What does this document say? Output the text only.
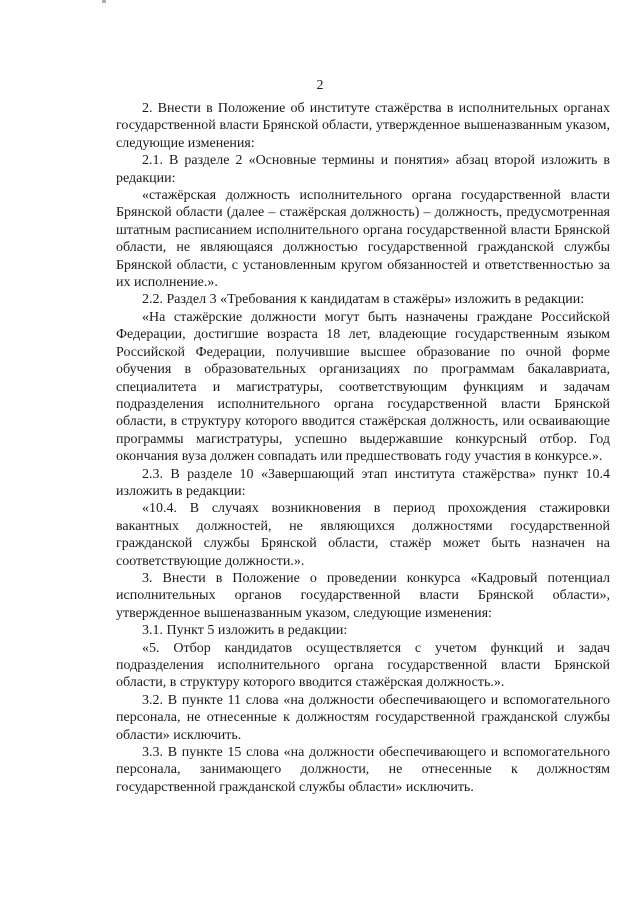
2

2. Внести в Положение об институте стажёрства в исполнительных органах государственной власти Брянской области, утвержденное вышеназванным указом, следующие изменения:

2.1. В разделе 2 «Основные термины и понятия» абзац второй изложить в редакции:

«стажёрская должность исполнительного органа государственной власти Брянской области (далее – стажёрская должность) – должность, предусмотренная штатным расписанием исполнительного органа государственной власти Брянской области, не являющаяся должностью государственной гражданской службы Брянской области, с установленным кругом обязанностей и ответственностью за их исполнение.».

2.2. Раздел 3 «Требования к кандидатам в стажёры» изложить в редакции:

«На стажёрские должности могут быть назначены граждане Российской Федерации, достигшие возраста 18 лет, владеющие государственным языком Российской Федерации, получившие высшее образование по очной форме обучения в образовательных организациях по программам бакалавриата, специалитета и магистратуры, соответствующим функциям и задачам подразделения исполнительного органа государственной власти Брянской области, в структуру которого вводится стажёрская должность, или осваивающие программы магистратуры, успешно выдержавшие конкурсный отбор. Год окончания вуза должен совпадать или предшествовать году участия в конкурсе.».

2.3. В разделе 10 «Завершающий этап института стажёрства» пункт 10.4 изложить в редакции:

«10.4. В случаях возникновения в период прохождения стажировки вакантных должностей, не являющихся должностями государственной гражданской службы Брянской области, стажёр может быть назначен на соответствующие должности.».

3. Внести в Положение о проведении конкурса «Кадровый потенциал исполнительных органов государственной власти Брянской области», утвержденное вышеназванным указом, следующие изменения:

3.1. Пункт 5 изложить в редакции:

«5. Отбор кандидатов осуществляется с учетом функций и задач подразделения исполнительного органа государственной власти Брянской области, в структуру которого вводится стажёрская должность.».

3.2. В пункте 11 слова «на должности обеспечивающего и вспомогательного персонала, не отнесенные к должностям государственной гражданской службы области» исключить.

3.3. В пункте 15 слова «на должности обеспечивающего и вспомогательного персонала, занимающего должности, не отнесенные к должностям государственной гражданской службы области» исключить.
